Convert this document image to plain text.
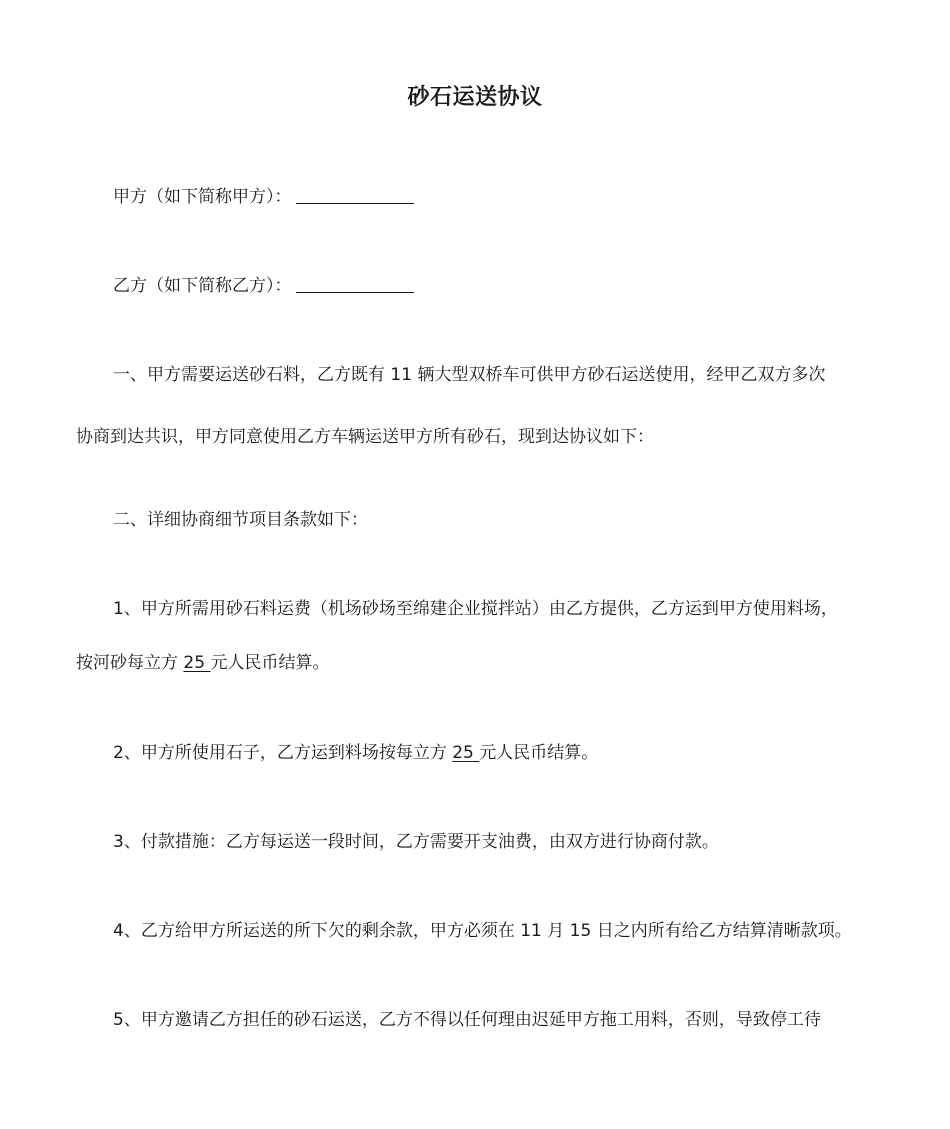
砂石运送协议
甲方（如下简称甲方）：
乙方（如下简称乙方）：
一、甲方需要运送砂石料，乙方既有 11 辆大型双桥车可供甲方砂石运送使用，经甲乙双方多次
协商到达共识，甲方同意使用乙方车辆运送甲方所有砂石，现到达协议如下：
二、详细协商细节项目条款如下：
1、甲方所需用砂石料运费（机场砂场至绵建企业搅拌站）由乙方提供，乙方运到甲方使用料场，
按河砂每立方 25 元人民币结算。
2、甲方所使用石子，乙方运到料场按每立方 25 元人民币结算。
3、付款措施：乙方每运送一段时间，乙方需要开支油费，由双方进行协商付款。
4、乙方给甲方所运送的所下欠的剩余款，甲方必须在 11 月 15 日之内所有给乙方结算清晰款项。
5、甲方邀请乙方担任的砂石运送，乙方不得以任何理由迟延甲方拖工用料，否则，导致停工待
